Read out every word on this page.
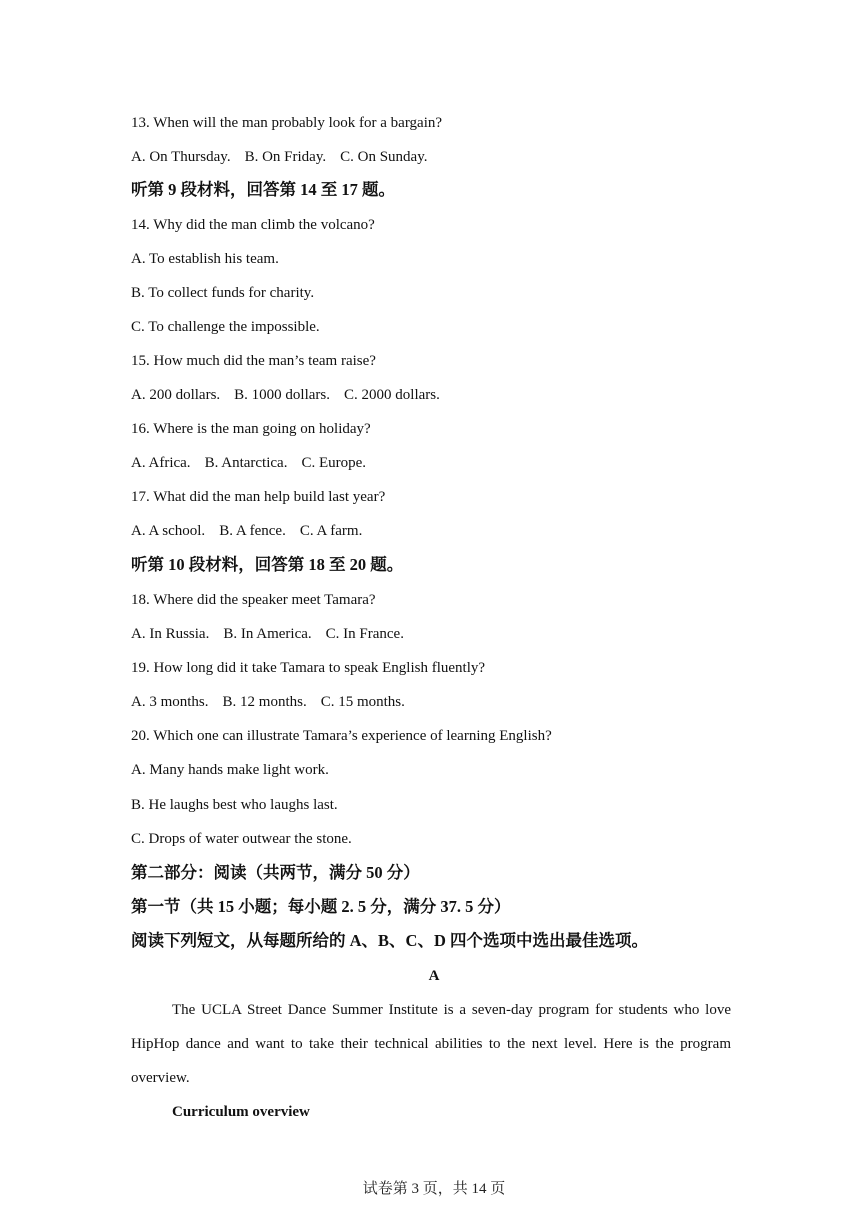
13. When will the man probably look for a bargain?
A. On Thursday. B. On Friday. C. On Sunday.
听第 9 段材料，回答第 14 至 17 题。
14. Why did the man climb the volcano?
A. To establish his team.
B. To collect funds for charity.
C. To challenge the impossible.
15. How much did the man’s team raise?
A. 200 dollars. B. 1000 dollars. C. 2000 dollars.
16. Where is the man going on holiday?
A. Africa. B. Antarctica. C. Europe.
17. What did the man help build last year?
A. A school. B. A fence. C. A farm.
听第 10 段材料，回答第 18 至 20 题。
18. Where did the speaker meet Tamara?
A. In Russia. B. In America. C. In France.
19. How long did it take Tamara to speak English fluently?
A. 3 months. B. 12 months. C. 15 months.
20. Which one can illustrate Tamara’s experience of learning English?
A. Many hands make light work.
B. He laughs best who laughs last.
C. Drops of water outwear the stone.
第二部分：阅读（共两节，满分 50 分）
第一节（共 15 小题；每小题 2. 5 分，满分 37. 5 分）
阅读下列短文，从每题所给的 A、B、C、D 四个选项中选出最佳选项。
A
The UCLA Street Dance Summer Institute is a seven-day program for students who love HipHop dance and want to take their technical abilities to the next level. Here is the program overview.
Curriculum overview
试卷第 3 页，共 14 页
